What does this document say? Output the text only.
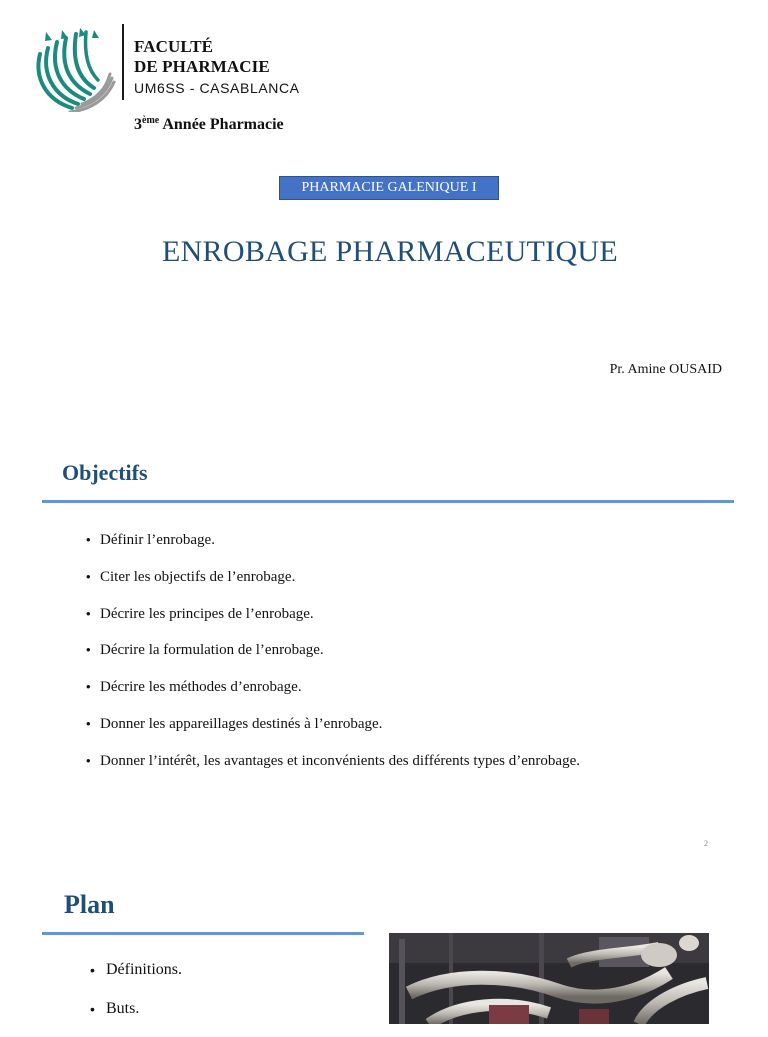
FACULTÉ
DE PHARMACIE
UM6SS - CASABLANCA
3ème Année Pharmacie
PHARMACIE GALENIQUE I
ENROBAGE PHARMACEUTIQUE
Pr. Amine OUSAID
Objectifs
• Définir l’enrobage.
• Citer les objectifs de l’enrobage.
• Décrire les principes de l’enrobage.
• Décrire la formulation de l’enrobage.
• Décrire les méthodes d’enrobage.
• Donner les appareillages destinés à l’enrobage.
• Donner l’intérêt, les avantages et inconvénients des différents types d’enrobage.
2
Plan
• Définitions.
• Buts.
